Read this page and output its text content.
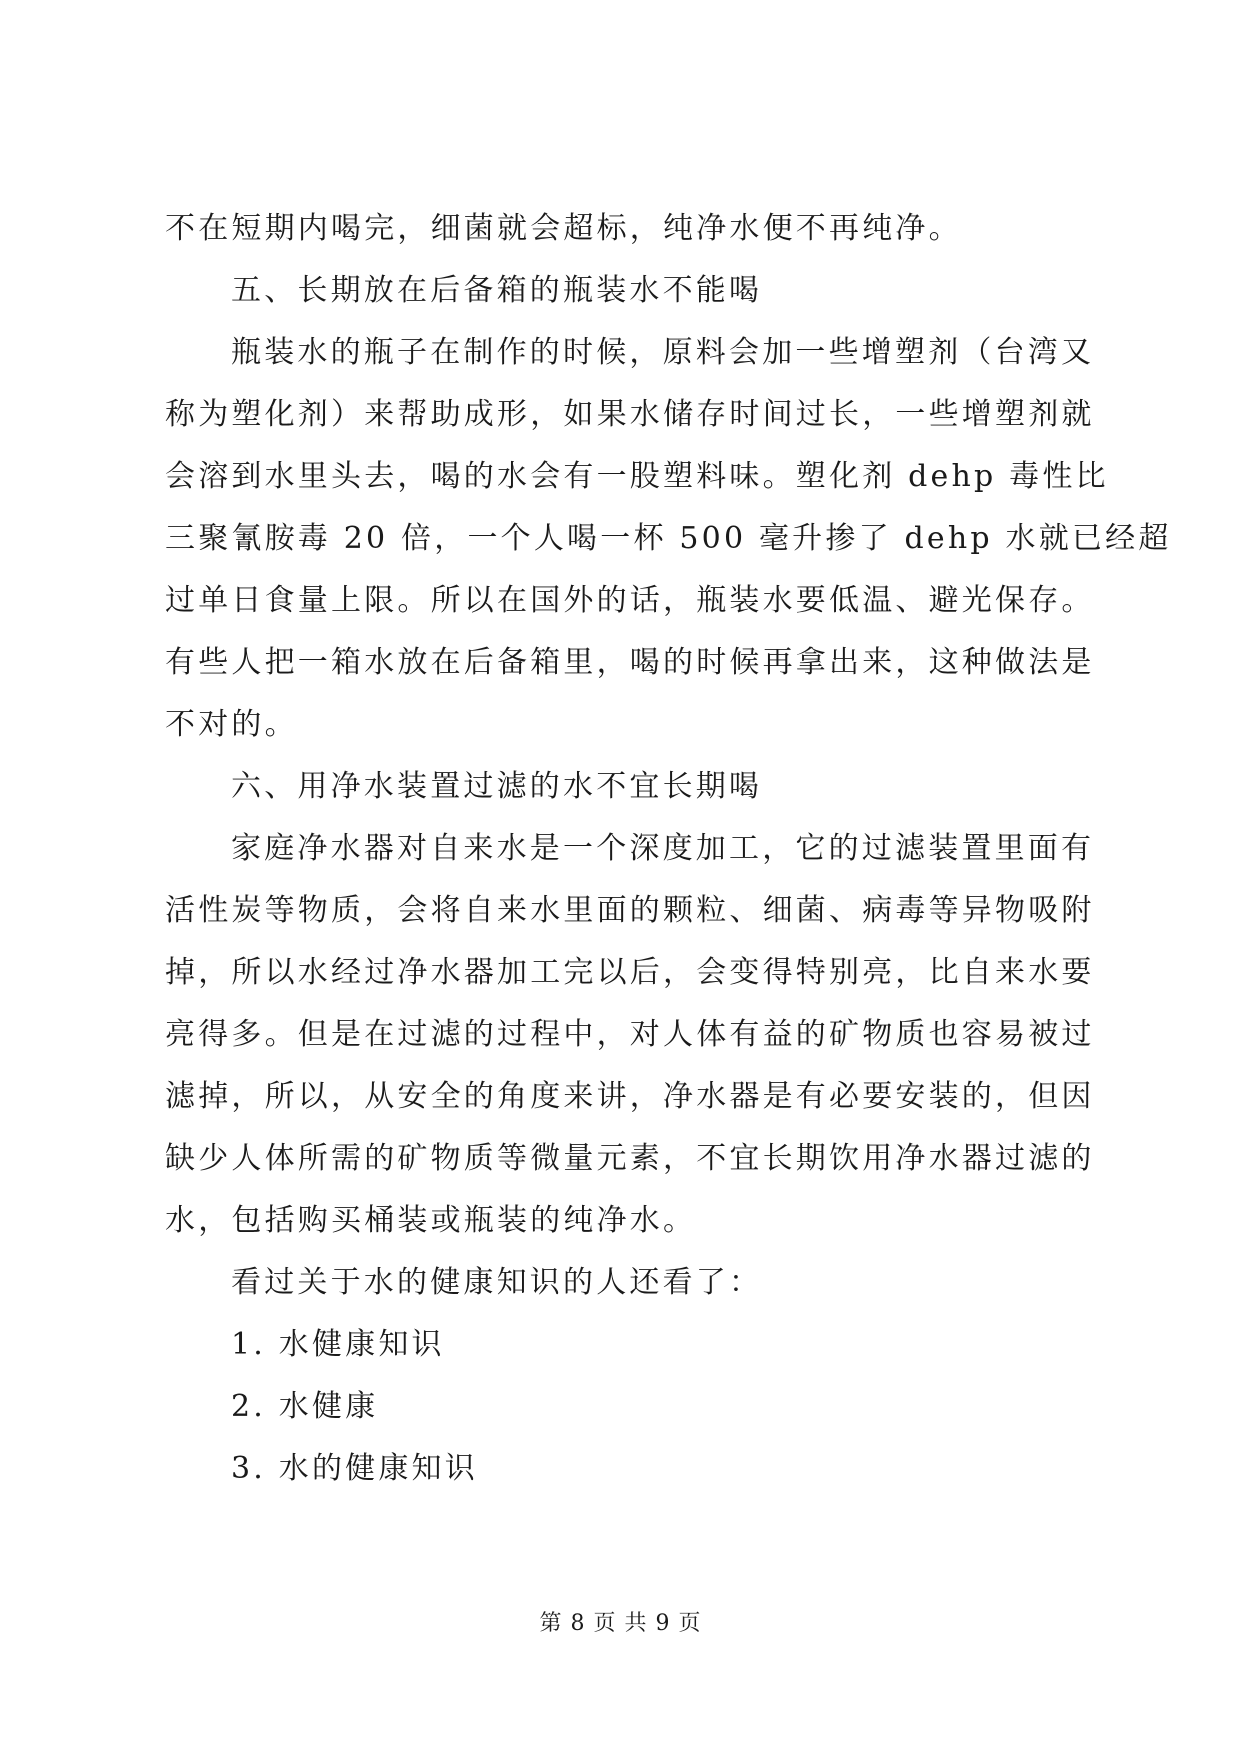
不在短期内喝完，细菌就会超标，纯净水便不再纯净。
五、长期放在后备箱的瓶装水不能喝
瓶装水的瓶子在制作的时候，原料会加一些增塑剂（台湾又
称为塑化剂）来帮助成形，如果水储存时间过长，一些增塑剂就
会溶到水里头去，喝的水会有一股塑料味。塑化剂 dehp 毒性比
三聚氰胺毒 20 倍，一个人喝一杯 500 毫升掺了 dehp 水就已经超
过单日食量上限。所以在国外的话，瓶装水要低温、避光保存。
有些人把一箱水放在后备箱里，喝的时候再拿出来，这种做法是
不对的。
六、用净水装置过滤的水不宜长期喝
家庭净水器对自来水是一个深度加工，它的过滤装置里面有
活性炭等物质，会将自来水里面的颗粒、细菌、病毒等异物吸附
掉，所以水经过净水器加工完以后，会变得特别亮，比自来水要
亮得多。但是在过滤的过程中，对人体有益的矿物质也容易被过
滤掉，所以，从安全的角度来讲，净水器是有必要安装的，但因
缺少人体所需的矿物质等微量元素，不宜长期饮用净水器过滤的
水，包括购买桶装或瓶装的纯净水。
看过关于水的健康知识的人还看了：
1. 水健康知识
2. 水健康
3. 水的健康知识
第 8 页 共 9 页
